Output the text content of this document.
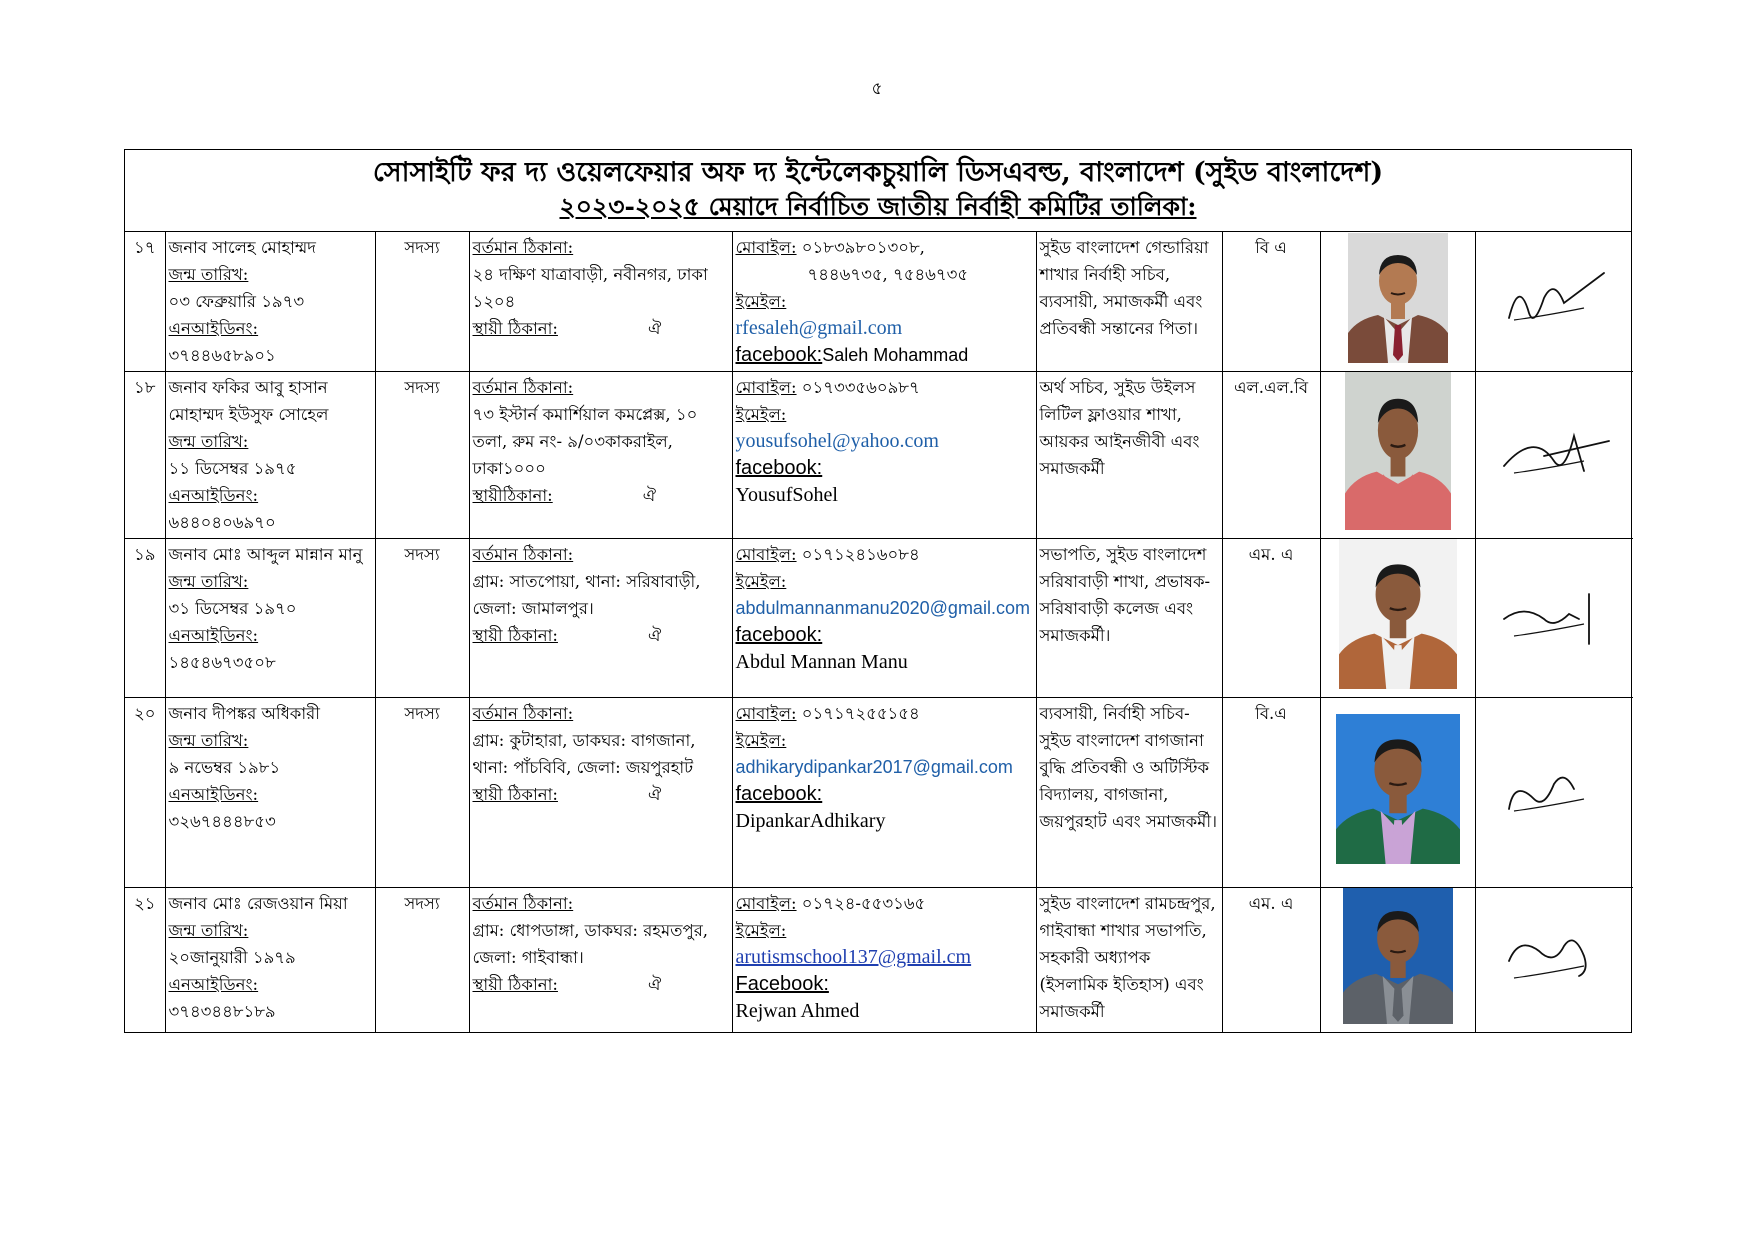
৫
সোসাইটি ফর দ্য ওয়েলফেয়ার অফ দ্য ইন্টেলেকচুয়ালি ডিসএবল্ড, বাংলাদেশ (সুইড বাংলাদেশ)
২০২৩-২০২৫ মেয়াদে নির্বাচিত জাতীয় নির্বাহী কমিটির তালিকা:
১৭	জনাব সালেহ মোহাম্মদ
জন্ম তারিখ:
০৩ ফেব্রুয়ারি ১৯৭৩
এনআইডিনং:
৩৭৪৪৬৫৮৯০১	সদস্য	বর্তমান ঠিকানা:
২৪ দক্ষিণ যাত্রাবাড়ী, নবীনগর, ঢাকা
১২০৪
স্থায়ী ঠিকানা: ঐ	মোবাইল: ০১৮৩৯৮০১৩০৮,
৭৪৪৬৭৩৫, ৭৫৪৬৭৩৫
ইমেইল:
rfesaleh@gmail.com
facebook:Saleh Mohammad	সুইড বাংলাদেশ গেন্ডারিয়া শাখার নির্বাহী সচিব, ব্যবসায়ী, সমাজকর্মী এবং প্রতিবন্ধী সন্তানের পিতা।	বি এ		
১৮	জনাব ফকির আবু হাসান মোহাম্মদ ইউসুফ সোহেল
জন্ম তারিখ:
১১ ডিসেম্বর ১৯৭৫
এনআইডিনং:
৬৪৪০৪০৬৯৭০	সদস্য	বর্তমান ঠিকানা:
৭৩ ইস্টার্ন কমার্শিয়াল কমপ্লেক্স, ১০ তলা, রুম নং- ৯/০৩কাকরাইল, ঢাকা১০০০
স্থায়ীঠিকানা: ঐ	মোবাইল: ০১৭৩৩৫৬০৯৮৭
ইমেইল:
yousufsohel@yahoo.com
facebook:
YousufSohel	অর্থ সচিব, সুইড উইলস লিটিল ফ্লাওয়ার শাখা, আয়কর আইনজীবী এবং সমাজকর্মী	এল.এল.বি		
১৯	জনাব মোঃ আব্দুল মান্নান মানু
জন্ম তারিখ:
৩১ ডিসেম্বর ১৯৭০
এনআইডিনং:
১৪৫৪৬৭৩৫০৮	সদস্য	বর্তমান ঠিকানা:
গ্রাম: সাতপোয়া, থানা: সরিষাবাড়ী, জেলা: জামালপুর।
স্থায়ী ঠিকানা: ঐ	মোবাইল: ০১৭১২৪১৬০৮৪
ইমেইল:
abdulmannanmanu2020@gmail.com
facebook:
Abdul Mannan Manu	সভাপতি, সুইড বাংলাদেশ সরিষাবাড়ী শাখা, প্রভাষক- সরিষাবাড়ী কলেজ এবং সমাজকর্মী।	এম. এ		
২০	জনাব দীপঙ্কর অধিকারী
জন্ম তারিখ:
৯ নভেম্বর ১৯৮১
এনআইডিনং:
৩২৬৭৪৪৪৮৫৩	সদস্য	বর্তমান ঠিকানা:
গ্রাম: কুটাহারা, ডাকঘর: বাগজানা, থানা: পাঁচবিবি, জেলা: জয়পুরহাট
স্থায়ী ঠিকানা: ঐ	মোবাইল: ০১৭১৭২৫৫১৫৪
ইমেইল:
adhikarydipankar2017@gmail.com
facebook:
DipankarAdhikary	ব্যবসায়ী, নির্বাহী সচিব- সুইড বাংলাদেশ বাগজানা বুদ্ধি প্রতিবন্ধী ও অটিস্টিক বিদ্যালয়, বাগজানা, জয়পুরহাট এবং সমাজকর্মী।	বি.এ		
২১	জনাব মোঃ রেজওয়ান মিয়া
জন্ম তারিখ:
২০জানুয়ারী ১৯৭৯
এনআইডিনং:
৩৭৪৩৪৪৮১৮৯	সদস্য	বর্তমান ঠিকানা:
গ্রাম: ধোপডাঙ্গা, ডাকঘর: রহমতপুর, জেলা: গাইবান্ধা।
স্থায়ী ঠিকানা: ঐ	মোবাইল: ০১৭২৪-৫৫৩১৬৫
ইমেইল:
arutismschool137@gmail.cm
Facebook:
Rejwan Ahmed	সুইড বাংলাদেশ রামচন্দ্রপুর, গাইবান্ধা শাখার সভাপতি, সহকারী অধ্যাপক (ইসলামিক ইতিহাস) এবং সমাজকর্মী	এম. এ		
